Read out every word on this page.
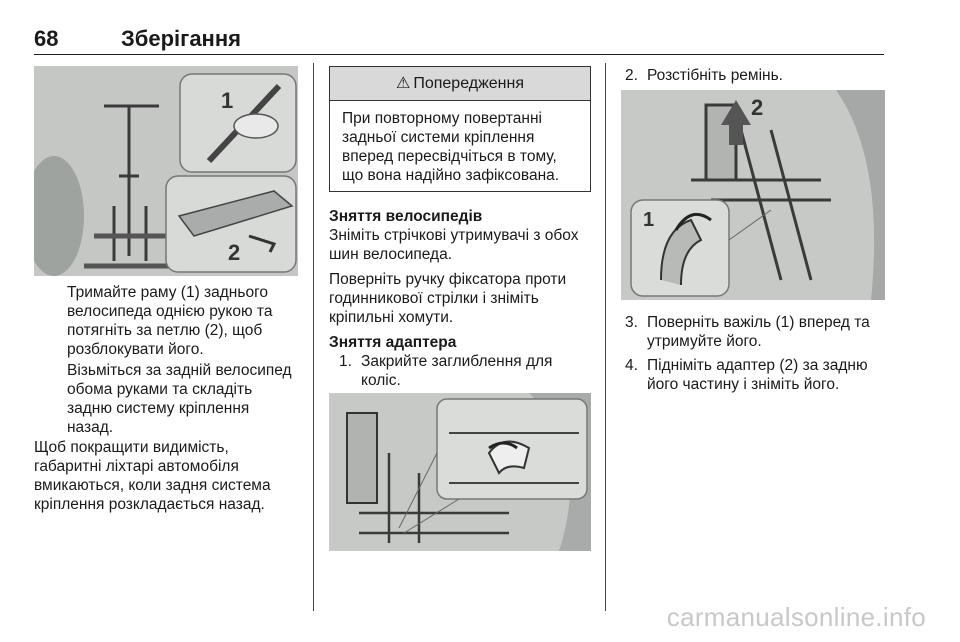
68	Зберігання
1
2

Тримайте раму (1) заднього

велосипеда однією рукою та

потягніть за петлю (2), щоб

розблокувати його.

Візьміться за задній велосипед

обома руками та складіть

задню систему кріплення

назад.

Щоб покращити видимість,

габаритні ліхтарі автомобіля

вмикаються, коли задня система

кріплення розкладається назад.

⚠ Попередження
При повторному повертанні
задньої системи кріплення
вперед пересвідчіться в тому,
що вона надійно зафіксована.

Зняття велосипедів

Зніміть стрічкові утримувачі з обох

шин велосипеда.

Поверніть ручку фіксатора проти

годинникової стрілки і зніміть

кріпильні хомути.

Зняття адаптера

1. Закрийте заглиблення для

коліс.

2. Розстібніть ремінь.

2
1

3. Поверніть важіль (1) вперед та

утримуйте його.

4. Підніміть адаптер (2) за задню

його частину і зніміть його.

carmanualsonline.info
